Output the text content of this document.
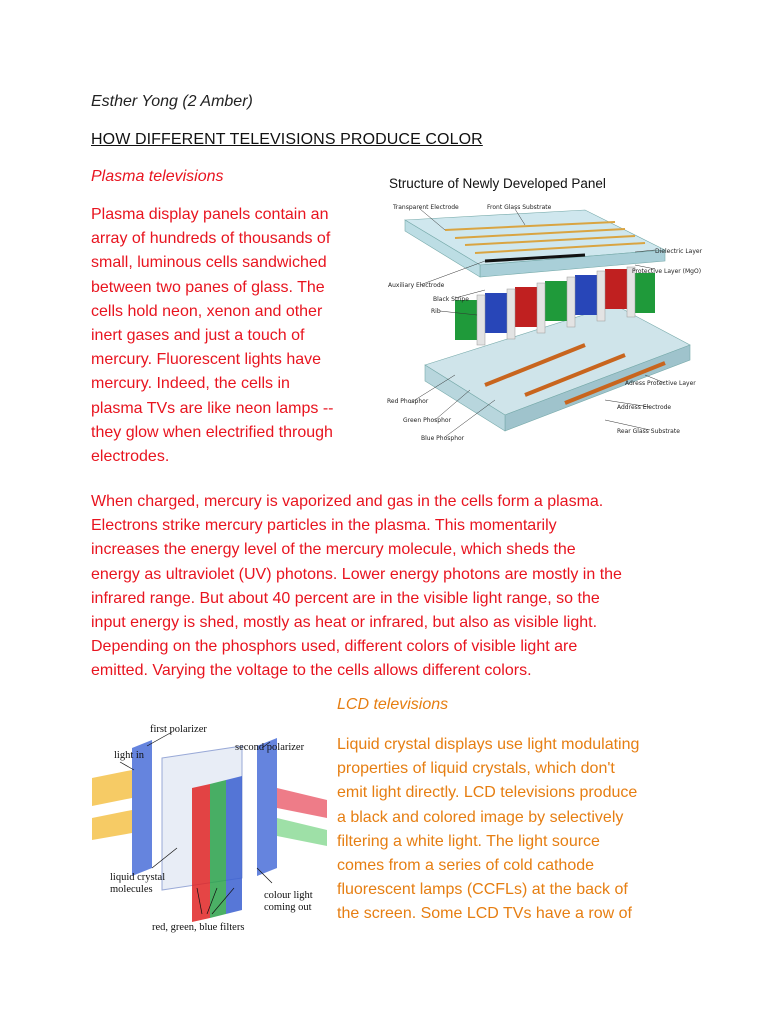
Esther Yong (2 Amber)
HOW DIFFERENT TELEVISIONS PRODUCE COLOR
Plasma televisions
Plasma display panels contain an
array of hundreds of thousands of
small, luminous cells sandwiched
between two panes of glass. The
cells hold neon, xenon and other
inert gases and just a touch of
mercury. Fluorescent lights have
mercury. Indeed, the cells in
plasma TVs are like neon lamps --
they glow when electrified through
electrodes.
When charged, mercury is vaporized and gas in the cells form a plasma.
Electrons strike mercury particles in the plasma. This momentarily
increases the energy level of the mercury molecule, which sheds the
energy as ultraviolet (UV) photons. Lower energy photons are mostly in the
infrared range. But about 40 percent are in the visible light range, so the
input energy is shed, mostly as heat or infrared, but also as visible light.
Depending on the phosphors used, different colors of visible light are
emitted. Varying the voltage to the cells allows different colors.
Structure of Newly Developed Panel
Transparent Electrode	Front Glass Substrate
Dielectric Layer
Protective Layer (MgO)
Auxiliary Electrode
Black Stripe
Rib
Adress Protective Layer
Address Electrode
Rear Glass Substrate
Red Phosphor
Green Phosphor
Blue Phosphor
LCD televisions
Liquid crystal displays use light modulating
properties of liquid crystals, which don't
emit light directly. LCD televisions produce
a black and colored image by selectively
filtering a white light. The light source
comes from a series of cold cathode
fluorescent lamps (CCFLs) at the back of
the screen. Some LCD TVs have a row of
first polarizer
light in
second polarizer
liquid crystal
molecules
colour light
coming out
red, green, blue filters
